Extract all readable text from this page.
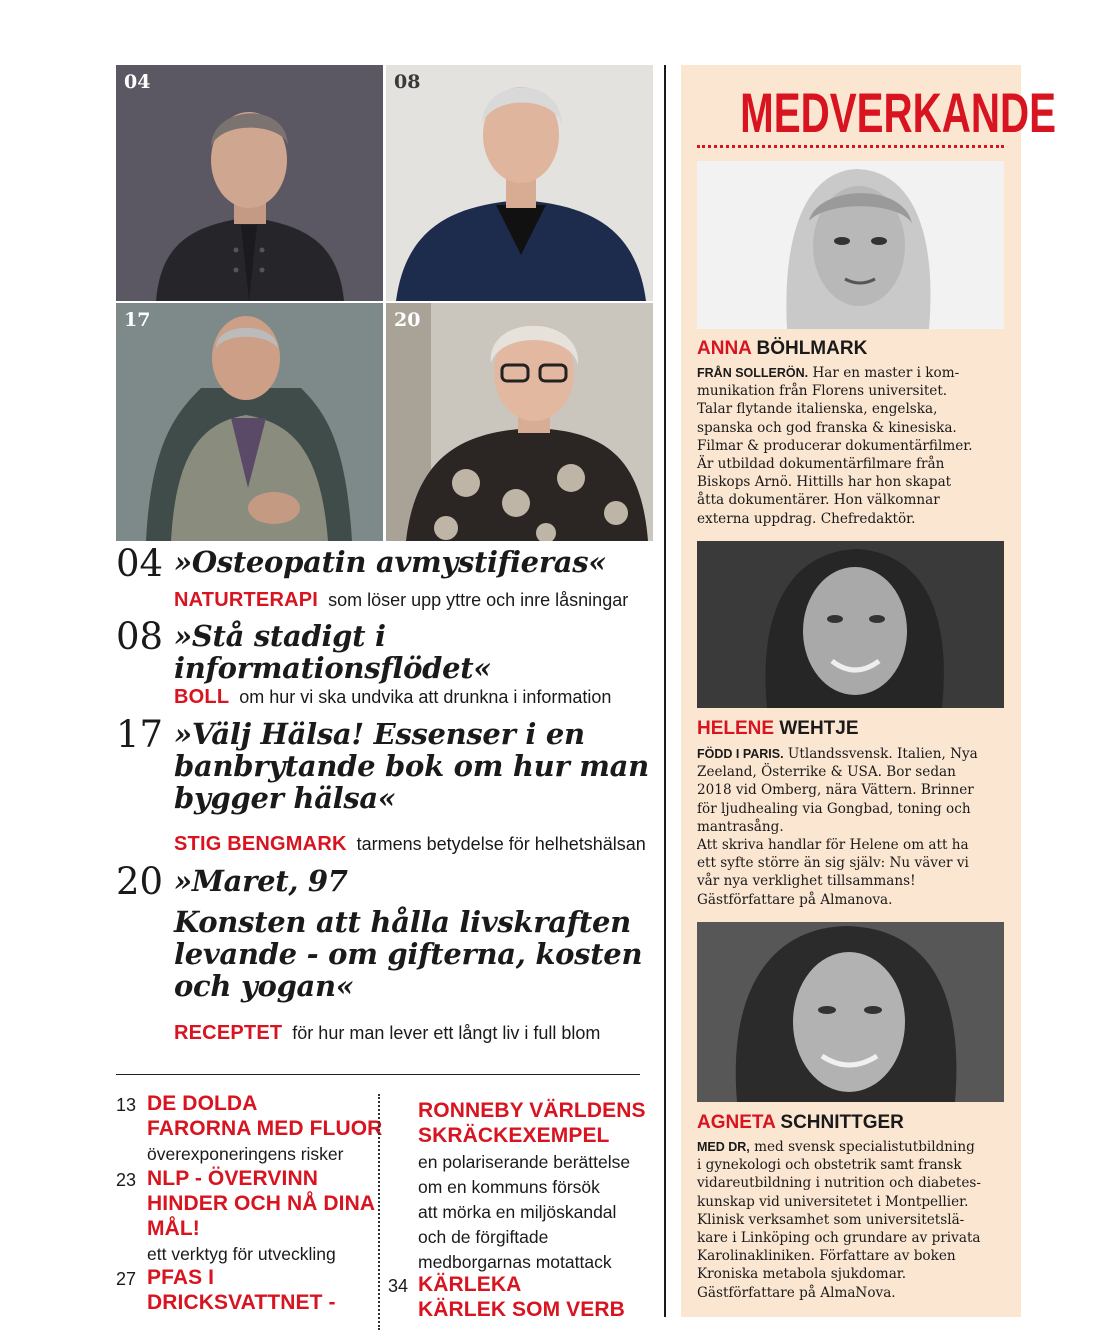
04	08
17	20
04 »Osteopatin avmystifieras«
NATURTERAPI som löser upp yttre och inre låsningar
08 »Stå stadigt i
informationsflödet«
BOLL om hur vi ska undvika att drunkna i information
17 »Välj Hälsa! Essenser i en
banbrytande bok om hur man
bygger hälsa«
STIG BENGMARK tarmens betydelse för helhetshälsan
20 »Maret, 97
Konsten att hålla livskraften
levande - om gifterna, kosten
och yogan«
RECEPTET för hur man lever ett långt liv i full blom
13 DE DOLDA
FARORNA MED FLUOR
överexponeringens risker
23 NLP - ÖVERVINN
HINDER OCH NÅ DINA
MÅL!
ett verktyg för utveckling
27 PFAS I
DRICKSVATTNET -
RONNEBY VÄRLDENS
SKRÄCKEXEMPEL
en polariserande berättelse
om en kommuns försök
att mörka en miljöskandal
och de förgiftade
medborgarnas motattack
34 KÄRLEKA
KÄRLEK SOM VERB
MEDVERKANDE
ANNA BÖHLMARK
FRÅN SOLLERÖN. Har en master i kom-
munikation från Florens universitet.
Talar flytande italienska, engelska,
spanska och god franska & kinesiska.
Filmar & producerar dokumentärfilmer.
Är utbildad dokumentärfilmare från
Biskops Arnö. Hittills har hon skapat
åtta dokumentärer. Hon välkomnar
externa uppdrag. Chefredaktör.
HELENE WEHTJE
FÖDD I PARIS. Utlandssvensk. Italien, Nya
Zeeland, Österrike & USA. Bor sedan
2018 vid Omberg, nära Vättern. Brinner
för ljudhealing via Gongbad, toning och
mantrasång.
Att skriva handlar för Helene om att ha
ett syfte större än sig själv: Nu väver vi
vår nya verklighet tillsammans!
Gästförfattare på Almanova.
AGNETA SCHNITTGER
MED DR, med svensk specialistutbildning
i gynekologi och obstetrik samt fransk
vidareutbildning i nutrition och diabetes-
kunskap vid universitetet i Montpellier.
Klinisk verksamhet som universitetslä-
kare i Linköping och grundare av privata
Karolinakliniken. Författare av boken
Kroniska metabola sjukdomar.
Gästförfattare på AlmaNova.
